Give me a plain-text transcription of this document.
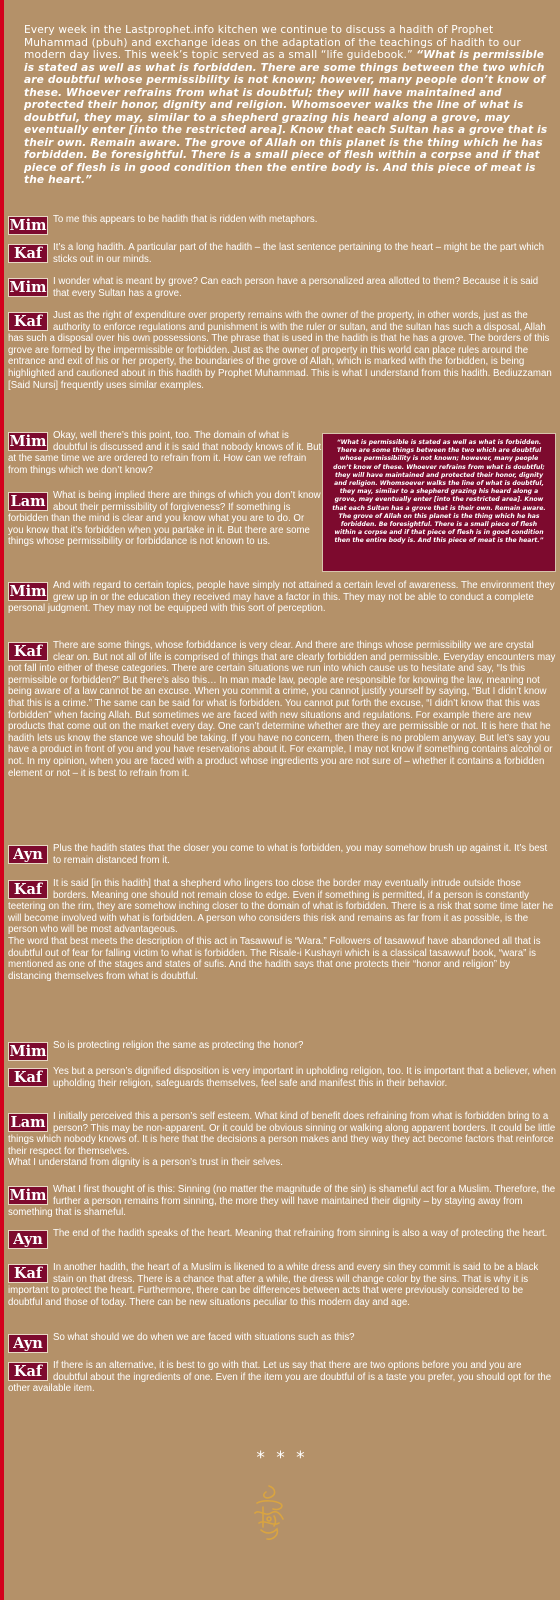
Every week in the Lastprophet.info kitchen we continue to discuss a hadith of Prophet Muhammad (pbuh) and exchange ideas on the adaptation of the teachings of hadith to our modern day lives. This week’s topic served as a small “life guidebook.” “What is permissible is stated as well as what is forbidden. There are some things between the two which are doubtful whose permissibility is not known; however, many people don’t know of these. Whoever refrains from what is doubtful; they will have maintained and protected their honor, dignity and religion. Whomsoever walks the line of what is doubtful, they may, similar to a shepherd grazing his heard along a grove, may eventually enter [into the restricted area]. Know that each Sultan has a grove that is their own. Remain aware. The grove of Allah on this planet is the thing which he has forbidden. Be foresightful. There is a small piece of flesh within a corpse and if that piece of flesh is in good condition then the entire body is. And this piece of meat is the heart.”
“What is permissible is stated as well as what is forbidden. There are some things between the two which are doubtful whose permissibility is not known; however, many people don’t know of these. Whoever refrains from what is doubtful; they will have maintained and protected their honor, dignity and religion. Whomsoever walks the line of what is doubtful, they may, similar to a shepherd grazing his heard along a grove, may eventually enter [into the restricted area]. Know that each Sultan has a grove that is their own. Remain aware. The grove of Allah on this planet is the thing which he has forbidden. Be foresightful. There is a small piece of flesh within a corpse and if that piece of flesh is in good condition then the entire body is. And this piece of meat is the heart.”
Mim To me this appears to be hadith that is ridden with metaphors.
Kaf	It’s a long hadith. A particular part of the hadith – the last sentence pertaining to the heart – might be the part which sticks out in our minds.
Mim I wonder what is meant by grove? Can each person have a personalized area allotted to them? Because it is said that every Sultan has a grove.
Kaf	Just as the right of expenditure over property remains with the owner of the property, in other words, just as the authority to enforce regulations and punishment is with the ruler or sultan, and the sultan has such a disposal, Allah has such a disposal over his own possessions. The phrase that is used in the hadith is that he has a grove. The borders of this grove are formed by the impermissible or forbidden. Just as the owner of property in this world can place rules around the entrance and exit of his or her property, the boundaries of the grove of Allah, which is marked with the forbidden, is being highlighted and cautioned about in this hadith by Prophet Muhammad. This is what I understand from this hadith. Bediuzzaman [Said Nursi] frequently uses similar examples.
Mim Okay, well there’s this point, too. The domain of what is doubtful is discussed and it is said that nobody knows of it. But at the same time we are ordered to refrain from it. How can we refrain from things which we don’t know?
Lam What is being implied there are things of which you don’t know about their permissibility of forgiveness? If something is forbidden than the mind is clear and you know what you are to do. Or you know that it’s forbidden when you partake in it. But there are some things whose permissibility or forbiddance is not known to us.
Mim And with regard to certain topics, people have simply not attained a certain level of awareness. The environment they grew up in or the education they received may have a factor in this. They may not be able to conduct a complete personal judgment. They may not be equipped with this sort of perception.
Kaf	There are some things, whose forbiddance is very clear. And there are things whose permissibility we are crystal clear on. But not all of life is comprised of things that are clearly forbidden and permissible. Everyday encounters may not fall into either of these categories. There are certain situations we run into which cause us to hesitate and say, “Is this permissible or forbidden?” But there’s also this… In man made law, people are responsible for knowing the law, meaning not being aware of a law cannot be an excuse. When you commit a crime, you cannot justify yourself by saying, “But I didn’t know that this is a crime.” The same can be said for what is forbidden. You cannot put forth the excuse, “I didn’t know that this was forbidden” when facing Allah. But sometimes we are faced with new situations and regulations. For example there are new products that come out on the market every day. One can’t determine whether are they are permissible or not. It is here that he hadith lets us know the stance we should be taking. If you have no concern, then there is no problem anyway. But let’s say you have a product in front of you and you have reservations about it. For example, I may not know if something contains alcohol or not. In my opinion, when you are faced with a product whose ingredients you are not sure of – whether it contains a forbidden element or not – it is best to refrain from it.
Ayn	Plus the hadith states that the closer you come to what is forbidden, you may somehow brush up against it. It’s best to remain distanced from it.
Kaf	It is said [in this hadith] that a shepherd who lingers too close the border may eventually intrude outside those borders. Meaning one should not remain close to edge. Even if something is permitted, if a person is constantly teetering on the rim, they are somehow inching closer to the domain of what is forbidden. There is a risk that some time later he will become involved with what is forbidden. A person who considers this risk and remains as far from it as possible, is the person who will be most advantageous.
The word that best meets the description of this act in Tasawwuf is “Wara.” Followers of tasawwuf have abandoned all that is doubtful out of fear for falling victim to what is forbidden. The Risale-i Kushayri which is a classical tasawwuf book, “wara” is mentioned as one of the stages and states of sufis. And the hadith says that one protects their “honor and religion” by distancing themselves from what is doubtful.
Mim So is protecting religion the same as protecting the honor?
Kaf	Yes but a person’s dignified disposition is very important in upholding religion, too. It is important that a believer, when upholding their religion, safeguards themselves, feel safe and manifest this in their behavior.
Lam I initially perceived this a person’s self esteem. What kind of benefit does refraining from what is forbidden bring to a person? This may be non-apparent. Or it could be obvious sinning or walking along apparent borders. It could be little things which nobody knows of. It is here that the decisions a person makes and they way they act become factors that reinforce their respect for themselves.
What I understand from dignity is a person’s trust in their selves.
Mim What I first thought of is this: Sinning (no matter the magnitude of the sin) is shameful act for a Muslim. Therefore, the further a person remains from sinning, the more they will have maintained their dignity – by staying away from something that is shameful.
Ayn	The end of the hadith speaks of the heart. Meaning that refraining from sinning is also a way of protecting the heart.
Kaf	In another hadith, the heart of a Muslim is likened to a white dress and every sin they commit is said to be a black stain on that dress. There is a chance that after a while, the dress will change color by the sins. That is why it is important to protect the heart. Furthermore, there can be differences between acts that were previously considered to be doubtful and those of today. There can be new situations peculiar to this modern day and age.
Ayn	So what should we do when we are faced with situations such as this?
Kaf	If there is an alternative, it is best to go with that. Let us say that there are two options before you and you are doubtful about the ingredients of one. Even if the item you are doubtful of is a taste you prefer, you should opt for the other available item.
* * *
